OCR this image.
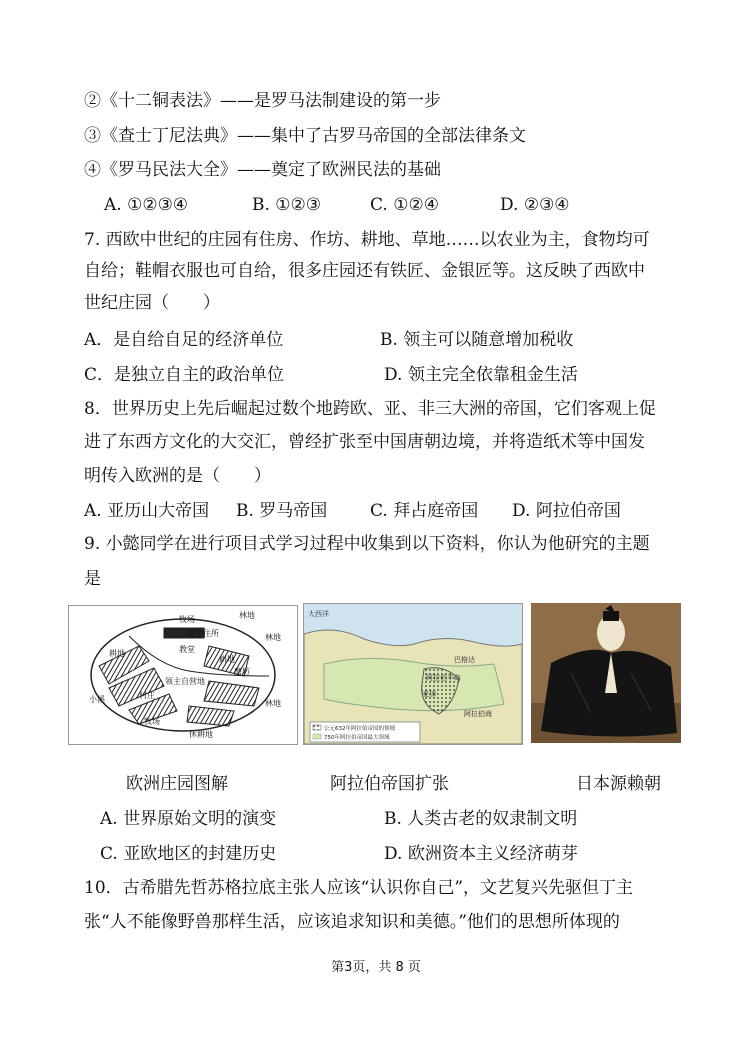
②《十二铜表法》——是罗马法制建设的第一步
③《查士丁尼法典》——集中了古罗马帝国的全部法律条文
④《罗马民法大全》——奠定了欧洲民法的基础
A. ①②③④	B. ①②③	C. ①②④	D. ②③④
7. 西欧中世纪的庄园有住房、作坊、耕地、草地……以农业为主，食物均可
自给；鞋帽衣服也可自给，很多庄园还有铁匠、金银匠等。这反映了西欧中
世纪庄园（　　）
A．是自给自足的经济单位	B. 领主可以随意增加税收
C．是独立自主的政治单位	D. 领主完全依靠租金生活
8．世界历史上先后崛起过数个地跨欧、亚、非三大洲的帝国，它们客观上促
进了东西方文化的大交汇，曾经扩张至中国唐朝边境，并将造纸术等中国发
明传入欧洲的是（　　）
A. 亚历山大帝国 B. 罗马帝国	C. 拜占庭帝国 D. 阿拉伯帝国
9. 小懿同学在进行项目式学习过程中收集到以下资料，你认为他研究的主题
是
林地
牧场
领主住所
教堂
林地
耕地
耕地
磨坊
领主自营地
村庄
小溪	林地
牧场
休耕地
大西洋
阿拉伯海
巴格达
麦加
阿拉伯半岛
公元632年阿拉伯帝国的领域
750年阿拉伯帝国最大领域
欧洲庄园图解	阿拉伯帝国扩张	日本源赖朝
A. 世界原始文明的演变	B. 人类古老的奴隶制文明
C. 亚欧地区的封建历史	D. 欧洲资本主义经济萌芽
10．古希腊先哲苏格拉底主张人应该“认识你自己”，文艺复兴先驱但丁主
张“人不能像野兽那样生活，应该追求知识和美德。”他们的思想所体现的
第3页，共 8 页
